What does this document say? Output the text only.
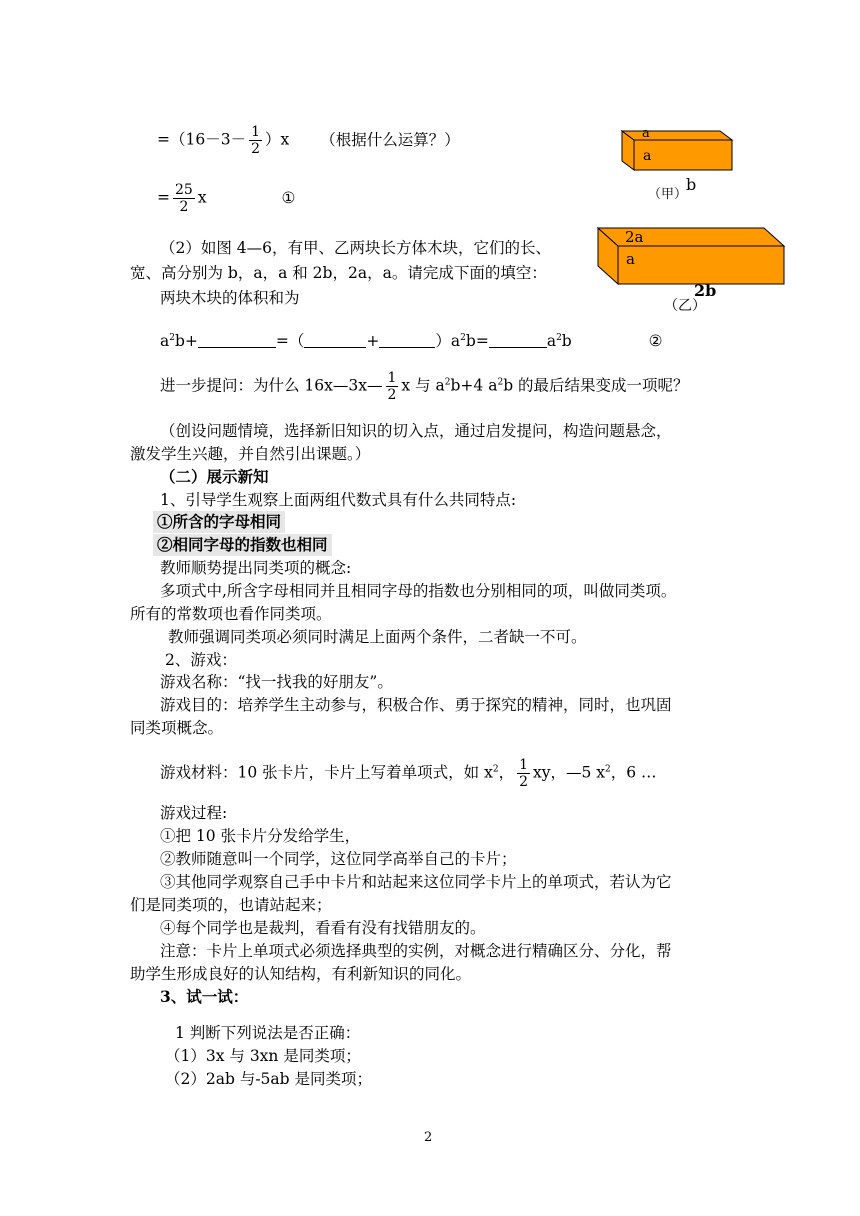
$=(16-3- \frac{1}{2} )x$ （根据什么运算？）
= $\frac{25}{2}$ x	①
（2）如图 4—6，有甲、乙两块长方体木块，它们的长、
宽、高分别为 b，a，a 和 2b，2a，a。请完成下面的填空：
两块木块的体积和为
$a^2b+$	=（	+	）$a^2b=$	$a^2b$	②
进一步提问：为什么 16x—3x— $\frac{1}{2}$ x 与 $a^2b+4$ $a^2b$ 的最后结果变成一项呢？
（创设问题情境，选择新旧知识的切入点，通过启发提问，构造问题悬念，
激发学生兴趣，并自然引出课题。）
（二）展示新知
1、引导学生观察上面两组代数式具有什么共同特点:
①所含的字母相同
②相同字母的指数也相同
教师顺势提出同类项的概念:
多项式中,所含字母相同并且相同字母的指数也分别相同的项，叫做同类项。
所有的常数项也看作同类项。
教师强调同类项必须同时满足上面两个条件，二者缺一不可。
2、游戏：
游戏名称：“找一找我的好朋友”。
游戏目的：培养学生主动参与，积极合作、勇于探究的精神，同时，也巩固
同类项概念。
游戏材料：10 张卡片，卡片上写着单项式，如 $x^2$， $\frac{1}{2}$ xy，—5 $x^2$，6 …
游戏过程:
①把 10 张卡片分发给学生，
②教师随意叫一个同学，这位同学高举自己的卡片；
③其他同学观察自己手中卡片和站起来这位同学卡片上的单项式，若认为它
们是同类项的，也请站起来；
④每个同学也是裁判，看看有没有找错朋友的。
注意：卡片上单项式必须选择典型的实例，对概念进行精确区分、分化，帮
助学生形成良好的认知结构，有利新知识的同化。
3、试一试：
1 判断下列说法是否正确：
（1）3x 与 3xn 是同类项；
（2）2ab 与-5ab 是同类项；
a
a
（甲）
b
2a
a
2b
（乙）
2
